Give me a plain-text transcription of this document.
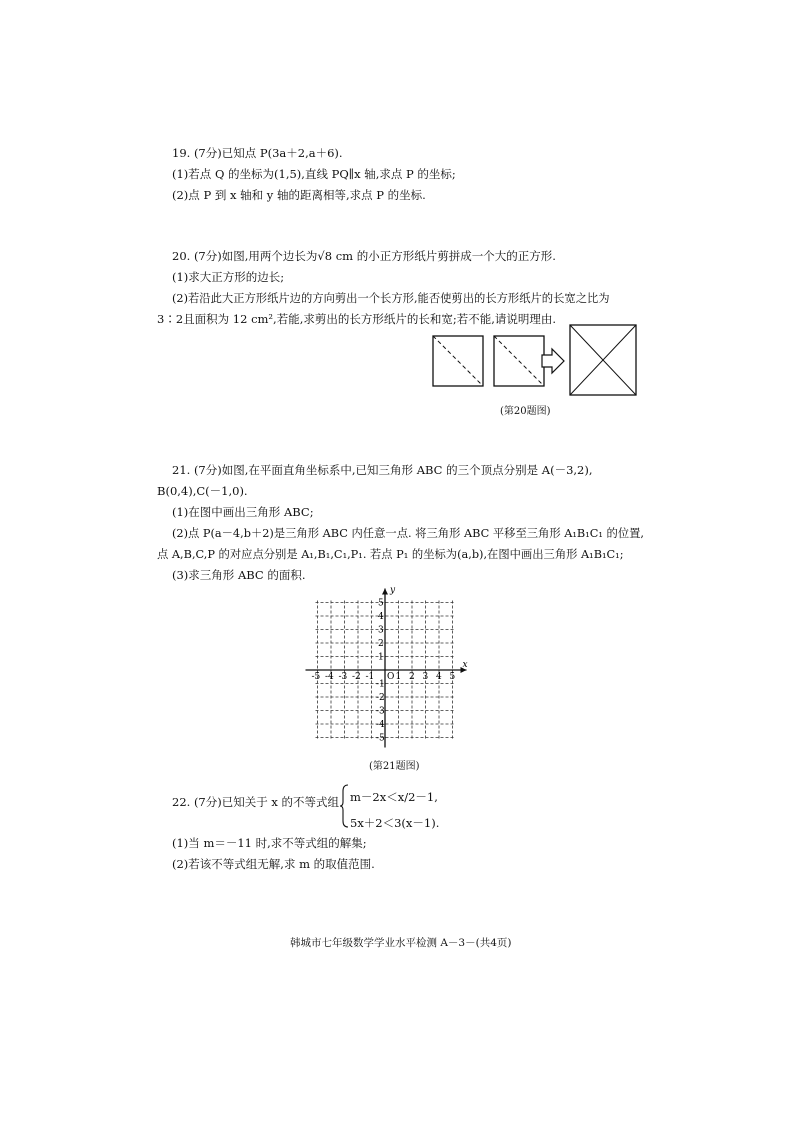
19. (7分)已知点 P(3a＋2,a＋6).
(1)若点 Q 的坐标为(1,5),直线 PQ∥x 轴,求点 P 的坐标;
(2)点 P 到 x 轴和 y 轴的距离相等,求点 P 的坐标.
20. (7分)如图,用两个边长为√8 cm 的小正方形纸片剪拼成一个大的正方形.
(1)求大正方形的边长;
(2)若沿此大正方形纸片边的方向剪出一个长方形,能否使剪出的长方形纸片的长宽之比为
3∶2且面积为 12 cm²,若能,求剪出的长方形纸片的长和宽;若不能,请说明理由.
(第20题图)
21. (7分)如图,在平面直角坐标系中,已知三角形 ABC 的三个顶点分别是 A(－3,2),
B(0,4),C(－1,0).
(1)在图中画出三角形 ABC;
(2)点 P(a－4,b＋2)是三角形 ABC 内任意一点. 将三角形 ABC 平移至三角形 A₁B₁C₁ 的位置,
点 A,B,C,P 的对应点分别是 A₁,B₁,C₁,P₁. 若点 P₁ 的坐标为(a,b),在图中画出三角形 A₁B₁C₁;
(3)求三角形 ABC 的面积.
x
y
O
-5 -4 -3 -2 -1 1 2 3 4 5
5
4
3
2
1
-1
-2
-3
-4
-5
(第21题图)
22. (7分)已知关于 x 的不等式组 m－2x＜x/2－1,
5x＋2＜3(x－1).
(1)当 m＝－11 时,求不等式组的解集;
(2)若该不等式组无解,求 m 的取值范围.
韩城市七年级数学学业水平检测 A－3－(共4页)
